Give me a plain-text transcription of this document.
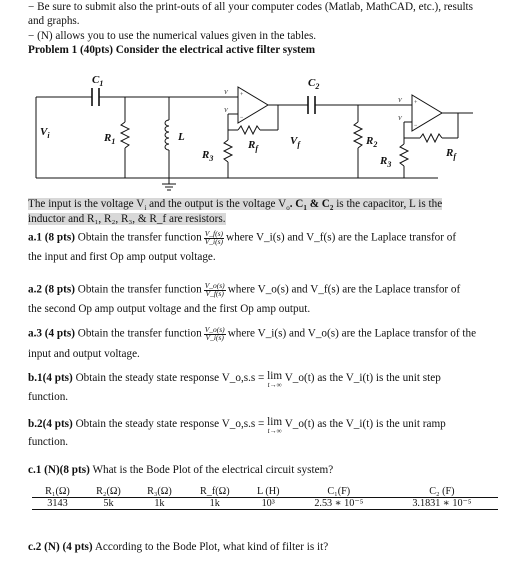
− Be sure to submit also the print-outs of all your computer codes (Matlab, MathCAD, etc.), results
and graphs.
− (N) allows you to use the numerical values given in the tables.
Problem 1 (40pts) Consider the electrical active filter system
+
−
+
−
V
V
V
V
$C_1$	$C_2$
$V_i$	$R_1$	L
$R_3$
$R_f$
$V_f$	$R_2$
$R_3$
$R_f$
The input is the voltage $V_i$ and the output is the voltage $V_o$. $C_1$ & $C_2$ is the capacitor, L is the
inductor and R₁, R₂, R₃, & R_f are resistors.
a.1 (8 pts) Obtain the transfer function $\frac{V\_f(s)}{V\_i(s)}$ where V_i(s) and V_f(s) are the Laplace transfor of
the input and first Op amp output voltage.
a.2 (8 pts) Obtain the transfer function $\frac{V\_o(s)}{V\_f(s)}$ where V_o(s) and V_f(s) are the Laplace transfor of
the second Op amp output voltage and the first Op amp output.
a.3 (4 pts) Obtain the transfer function $\frac{V\_o(s)}{V\_i(s)}$ where V_i(s) and V_o(s) are the Laplace transfor of the
input and output voltage.
b.1(4 pts) Obtain the steady state response V_o,s.s = lim
t→∞
V_o(t) as the V_i(t) is the unit step
function.
b.2(4 pts) Obtain the steady state response V_o,s.s = lim
t→∞
V_o(t) as the V_i(t) is the unit ramp
function.
c.1 (N)(8 pts) What is the Bode Plot of the electrical circuit system?
R₁(Ω)	R₂(Ω)	R₃(Ω)	R_f(Ω)	L (H)	C₁(F)	C₂ (F)
3143	5k	1k	1k	10³	2.53 ∗ 10⁻⁵	3.1831 ∗ 10⁻⁵
c.2 (N) (4 pts) According to the Bode Plot, what kind of filter is it?
